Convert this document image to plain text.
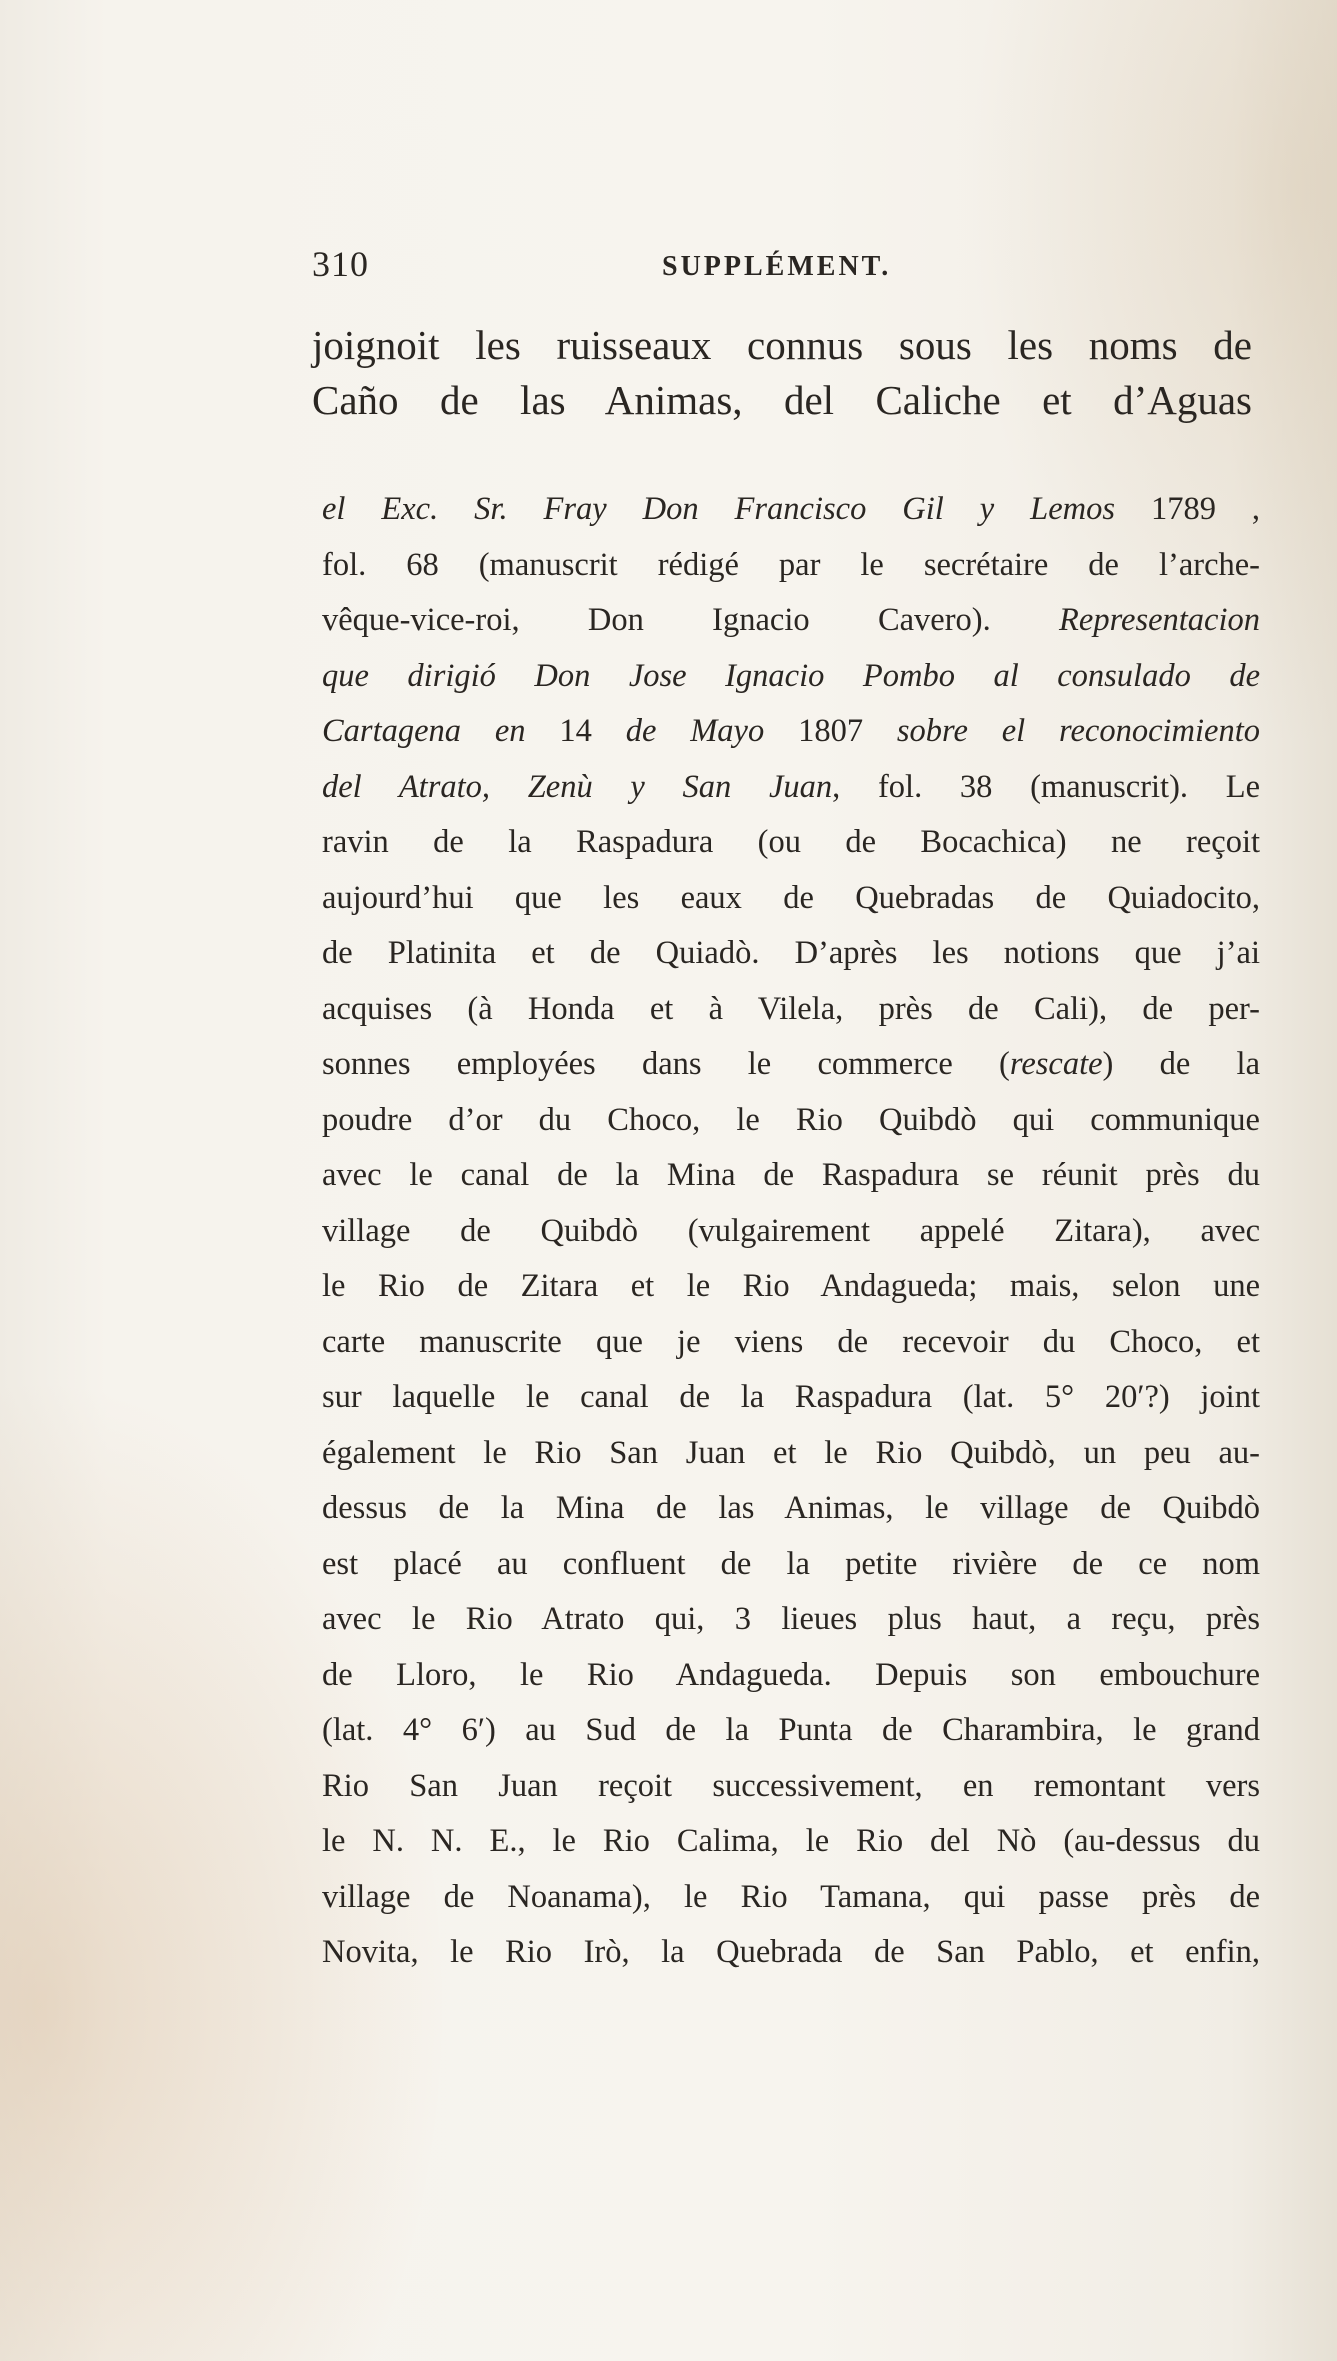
310	SUPPLÉMENT.
joignoit les ruisseaux connus sous les noms de
Caño de las Animas, del Caliche et d’Aguas
el Exc. Sr. Fray Don Francisco Gil y Lemos 1789 ,
fol. 68 (manuscrit rédigé par le secrétaire de l’arche-
vêque-vice-roi, Don Ignacio Cavero). Representacion
que dirigió Don Jose Ignacio Pombo al consulado de
Cartagena en 14 de Mayo 1807 sobre el reconocimiento
del Atrato, Zenù y San Juan, fol. 38 (manuscrit). Le
ravin de la Raspadura (ou de Bocachica) ne reçoit
aujourd’hui que les eaux de Quebradas de Quiadocito,
de Platinita et de Quiadò. D’après les notions que j’ai
acquises (à Honda et à Vilela, près de Cali), de per-
sonnes employées dans le commerce (rescate) de la
poudre d’or du Choco, le Rio Quibdò qui communique
avec le canal de la Mina de Raspadura se réunit près du
village de Quibdò (vulgairement appelé Zitara), avec
le Rio de Zitara et le Rio Andagueda; mais, selon une
carte manuscrite que je viens de recevoir du Choco, et
sur laquelle le canal de la Raspadura (lat. 5° 20′?) joint
également le Rio San Juan et le Rio Quibdò, un peu au-
dessus de la Mina de las Animas, le village de Quibdò
est placé au confluent de la petite rivière de ce nom
avec le Rio Atrato qui, 3 lieues plus haut, a reçu, près
de Lloro, le Rio Andagueda. Depuis son embouchure
(lat. 4° 6′) au Sud de la Punta de Charambira, le grand
Rio San Juan reçoit successivement, en remontant vers
le N. N. E., le Rio Calima, le Rio del Nò (au-dessus du
village de Noanama), le Rio Tamana, qui passe près de
Novita, le Rio Irò, la Quebrada de San Pablo, et enfin,
